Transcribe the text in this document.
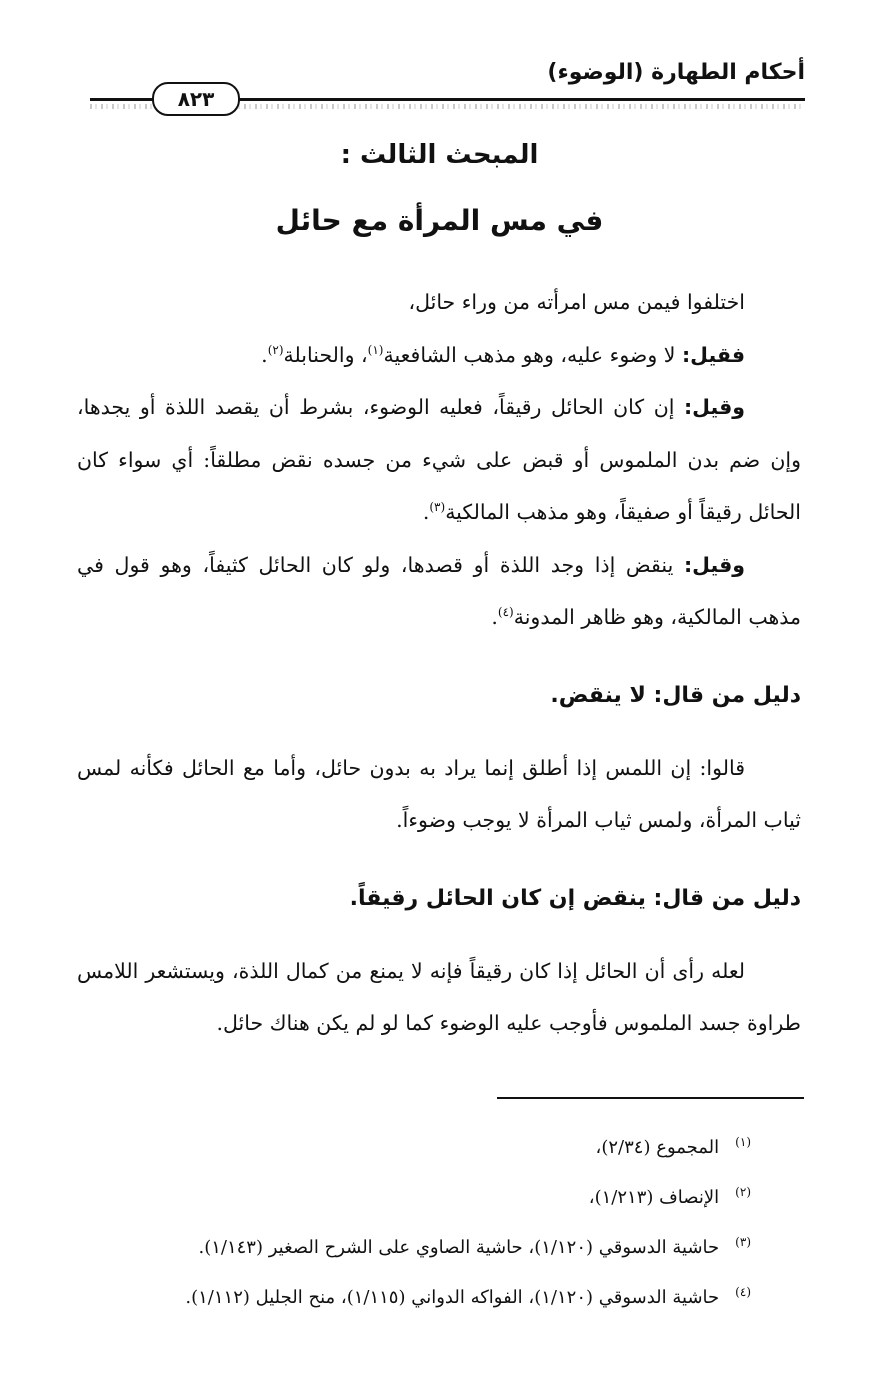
أحكام الطهارة (الوضوء)
٨٢٣
المبحث الثالث :
في مس المرأة مع حائل

اختلفوا فيمن مس امرأته من وراء حائل،

فقيل: لا وضوء عليه، وهو مذهب الشافعية$^{(١)}$، والحنابلة$^{(٢)}$.

وقيل: إن كان الحائل رقيقاً، فعليه الوضوء، بشرط أن يقصد اللذة أو يجدها، وإن ضم بدن الملموس أو قبض على شيء من جسده نقض مطلقاً: أي سواء كان الحائل رقيقاً أو صفيقاً، وهو مذهب المالكية$^{(٣)}$.

وقيل: ينقض إذا وجد اللذة أو قصدها، ولو كان الحائل كثيفاً، وهو قول في مذهب المالكية، وهو ظاهر المدونة$^{(٤)}$.

دليل من قال: لا ينقض.

قالوا: إن اللمس إذا أطلق إنما يراد به بدون حائل، وأما مع الحائل فكأنه لمس ثياب المرأة، ولمس ثياب المرأة لا يوجب وضوءاً.

دليل من قال: ينقض إن كان الحائل رقيقاً.

لعله رأى أن الحائل إذا كان رقيقاً فإنه لا يمنع من كمال اللذة، ويستشعر اللامس طراوة جسد الملموس فأوجب عليه الوضوء كما لو لم يكن هناك حائل.

$^{(١)}$المجموع (٢/٣٤)،

$^{(٢)}$الإنصاف (١/٢١٣)،

$^{(٣)}$حاشية الدسوقي (١/١٢٠)، حاشية الصاوي على الشرح الصغير (١/١٤٣).

$^{(٤)}$حاشية الدسوقي (١/١٢٠)، الفواكه الدواني (١/١١٥)، منح الجليل (١/١١٢).
